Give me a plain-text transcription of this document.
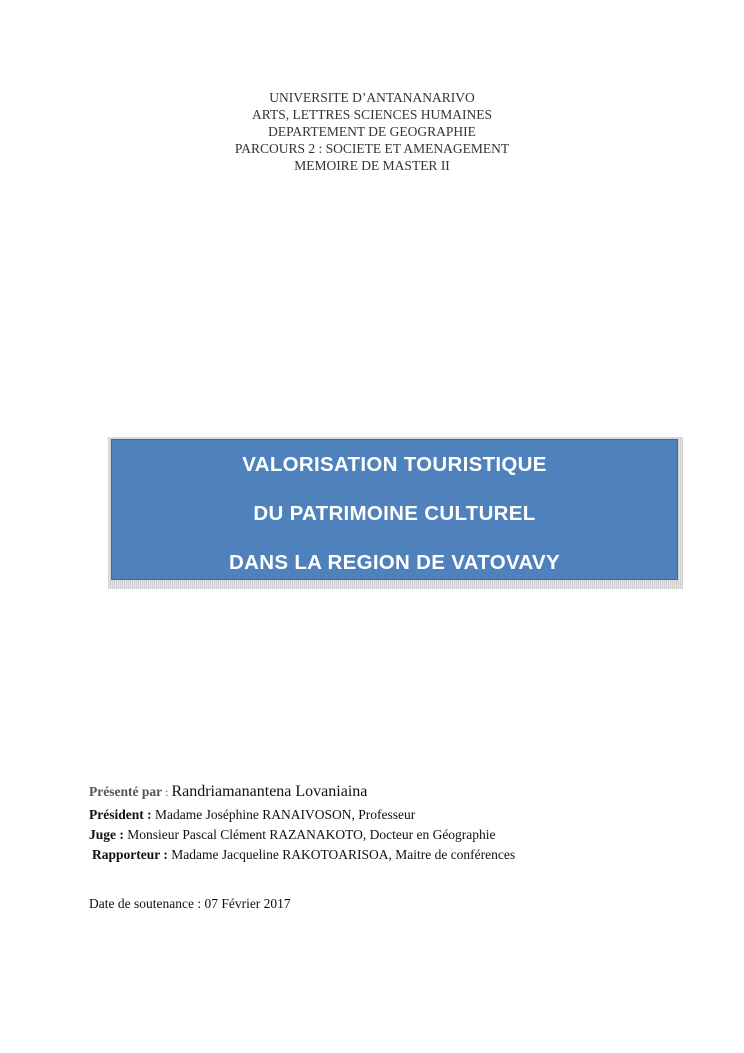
UNIVERSITE D’ANTANANARIVO
ARTS, LETTRES SCIENCES HUMAINES
DEPARTEMENT DE GEOGRAPHIE
PARCOURS 2 : SOCIETE ET AMENAGEMENT
MEMOIRE DE MASTER II
VALORISATION TOURISTIQUE
DU PATRIMOINE CULTUREL
DANS LA REGION DE VATOVAVY
Présenté par : Randriamanantena Lovaniaina
Président : Madame Joséphine RANAIVOSON, Professeur
Juge : Monsieur Pascal Clément RAZANAKOTO, Docteur en Géographie
Rapporteur : Madame Jacqueline RAKOTOARISOA, Maitre de conférences
Date de soutenance : 07 Février 2017
